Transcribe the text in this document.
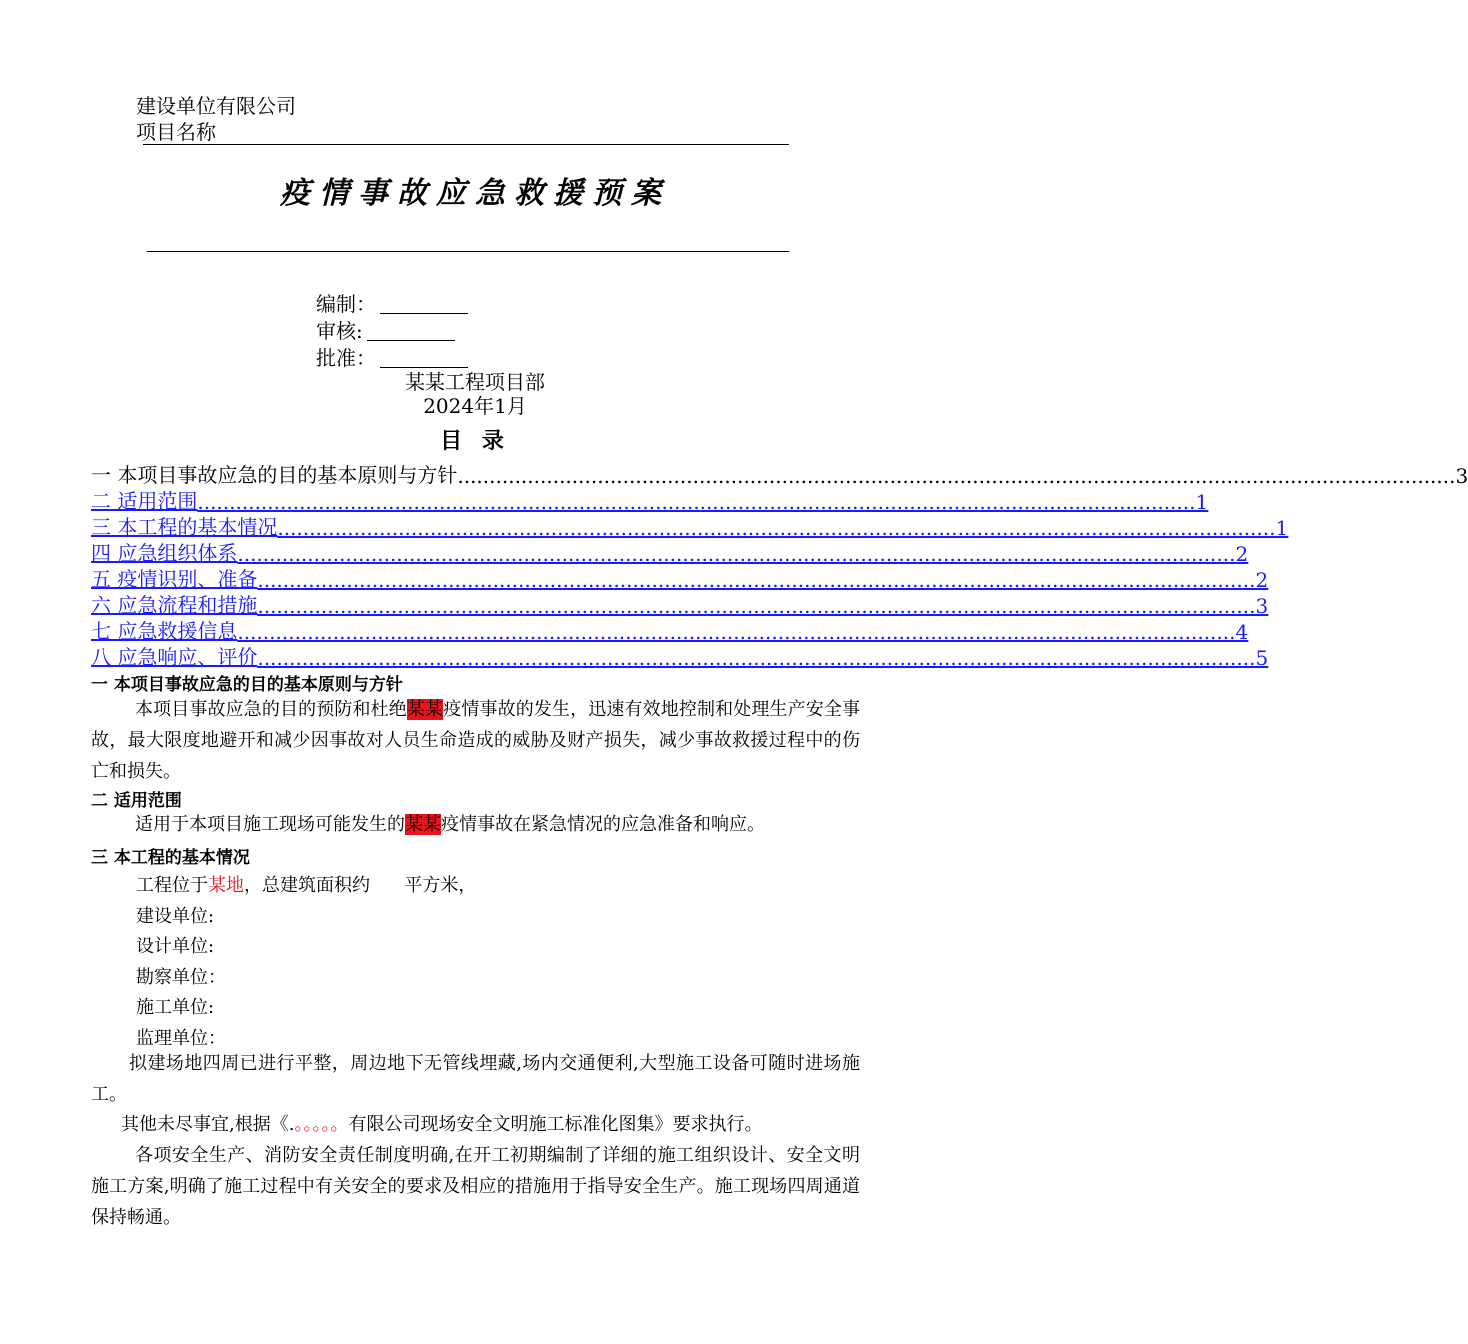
建设单位有限公司
项目名称
疫情事故应急救援预案
编制：
审核:
批准：
某某工程项目部
2024年1月
目 录
一 本项目事故应急的目的基本原则与方针 ............................................................................................................................................................. 3
二 适用范围 ............................................................................................................................................................. 1
三 本工程的基本情况 ............................................................................................................................................................. 1
四 应急组织体系 ............................................................................................................................................................. 2
五 疫情识别、准备 ............................................................................................................................................................. 2
六 应急流程和措施 ............................................................................................................................................................. 3
七 应急救援信息 ............................................................................................................................................................. 4
八 应急响应、评价 ............................................................................................................................................................. 5
一 本项目事故应急的目的基本原则与方针
本项目事故应急的目的预防和杜绝某某疫情事故的发生，迅速有效地控制和处理生产安全事故，最大限度地避开和减少因事故对人员生命造成的威胁及财产损失，减少事故救援过程中的伤亡和损失。
二 适用范围
适用于本项目施工现场可能发生的某某疫情事故在紧急情况的应急准备和响应。
三 本工程的基本情况
工程位于某地，总建筑面积约      平方米，
建设单位:
设计单位:
勘察单位：
施工单位:
监理单位：
拟建场地四周已进行平整，周边地下无管线埋藏,场内交通便利,大型施工设备可随时进场施工。
其他未尽事宜,根据《.。。。。。有限公司现场安全文明施工标准化图集》要求执行。
各项安全生产、消防安全责任制度明确,在开工初期编制了详细的施工组织设计、安全文明施工方案,明确了施工过程中有关安全的要求及相应的措施用于指导安全生产。施工现场四周通道保持畅通。
